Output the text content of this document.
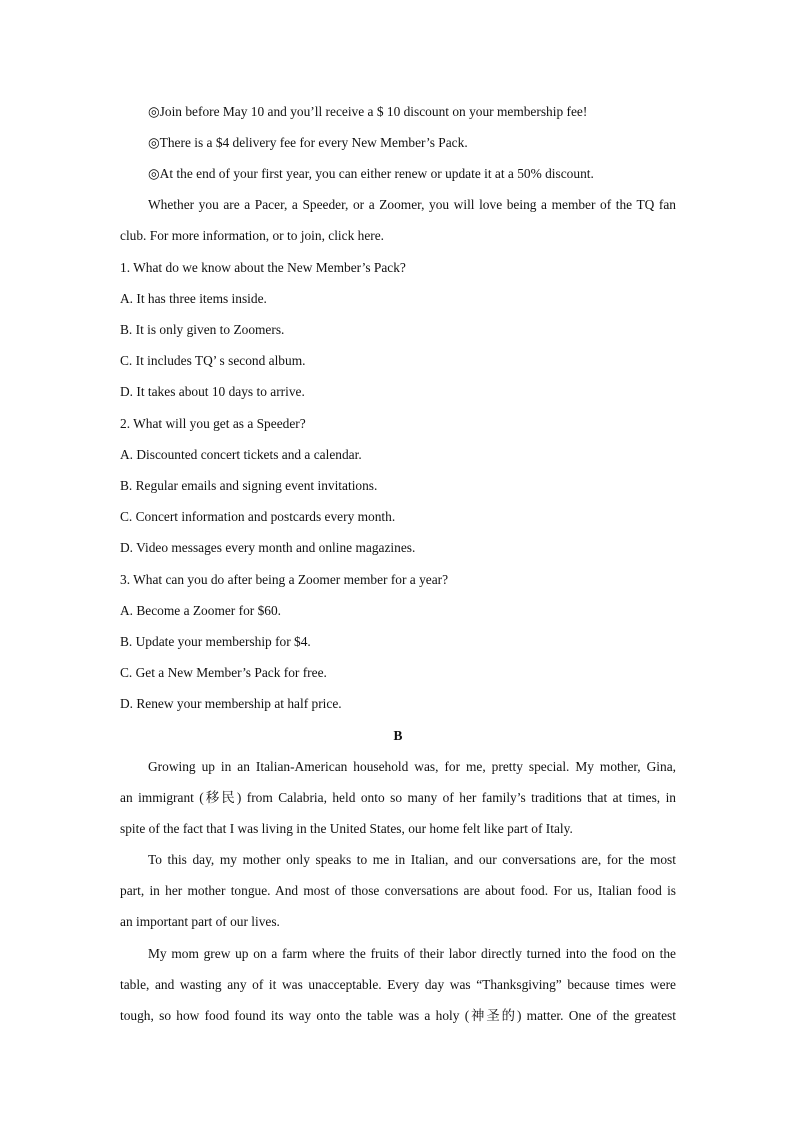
◎Join before May 10 and you’ll receive a $ 10 discount on your membership fee!
◎There is a $4 delivery fee for every New Member’s Pack.
◎At the end of your first year, you can either renew or update it at a 50% discount.
Whether you are a Pacer, a Speeder, or a Zoomer, you will love being a member of the TQ fan
club. For more information, or to join, click here.
1. What do we know about the New Member’s Pack?
A. It has three items inside.
B. It is only given to Zoomers.
C. It includes TQ’ s second album.
D. It takes about 10 days to arrive.
2. What will you get as a Speeder?
A. Discounted concert tickets and a calendar.
B. Regular emails and signing event invitations.
C. Concert information and postcards every month.
D. Video messages every month and online magazines.
3. What can you do after being a Zoomer member for a year?
A. Become a Zoomer for $60.
B. Update your membership for $4.
C. Get a New Member’s Pack for free.
D. Renew your membership at half price.
B
Growing up in an Italian-American household was, for me, pretty special. My mother, Gina,
an immigrant (移民) from Calabria, held onto so many of her family’s traditions that at times, in
spite of the fact that I was living in the United States, our home felt like part of Italy.
To this day, my mother only speaks to me in Italian, and our conversations are, for the most
part, in her mother tongue. And most of those conversations are about food. For us, Italian food is
an important part of our lives.
My mom grew up on a farm where the fruits of their labor directly turned into the food on the
table, and wasting any of it was unacceptable. Every day was “Thanksgiving” because times were
tough, so how food found its way onto the table was a holy (神圣的) matter. One of the greatest
